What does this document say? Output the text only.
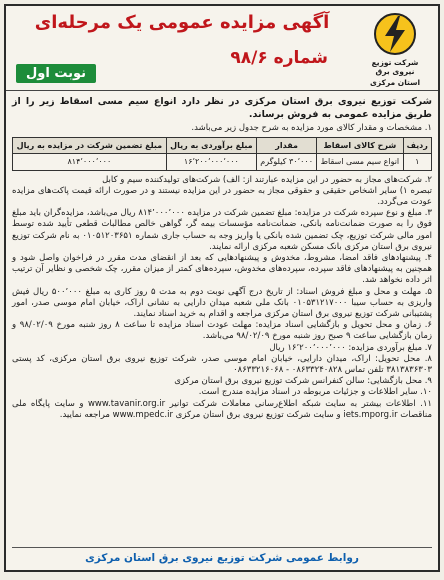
شرکت توزیع نیروی برق
استان مرکزی
آگهی مزایده عمومی یک مرحله‌ای
شماره ۹۸/۶
نوبت اول

شرکت توزیع نیروی برق استان مرکزی در نظر دارد انواع سیم مسی اسقاط زیر را از طریق مزایده عمومی به فروش برساند.

۱. مشخصات و مقدار کالای مورد مزایده به شرح جدول زیر می‌باشد.

ردیف	شرح کالای اسقاط	مقدار	مبلغ برآوردی به ریال	مبلغ تضمین شرکت در مزایده به ریال
۱	انواع سیم مسی اسقاط	۳۰٬۰۰۰ کیلوگرم	۱۶٬۲۰۰٬۰۰۰٬۰۰۰	۸۱۴٬۰۰۰٬۰۰۰

۲. شرکت‌های مجاز به حضور در این مزایده عبارتند از: الف) شرکت‌های تولیدکننده سیم و کابل

تبصره ۱) سایر اشخاص حقیقی و حقوقی مجاز به حضور در این مزایده نیستند و در صورت ارائه قیمت پاکت‌های مزایده عودت می‌گردد.

۳. مبلغ و نوع سپرده شرکت در مزایده: مبلغ تضمین شرکت در مزایده ۸۱۴٬۰۰۰٬۰۰۰ ریال می‌باشد، مزایده‌گران باید مبلغ فوق را به صورت ضمانت‌نامه بانکی، ضمانت‌نامه مؤسسات بیمه گر، گواهی خالص مطالبات قطعی تأیید شده توسط امور مالی شرکت توزیع، چک تضمین شده بانکی یا واریز وجه به حساب جاری شماره ۰۱۰۵۱۲۰۳۶۵۱ به نام شرکت توزیع نیروی برق استان مرکزی بانک مسکن شعبه مرکزی ارائه نمایند.

۴. پیشنهادهای فاقد امضا، مشروط، مخدوش و پیشنهادهایی که بعد از انقضای مدت مقرر در فراخوان واصل شود و همچنین به پیشنهادهای فاقد سپرده، سپرده‌های مخدوش، سپرده‌های کمتر از میزان مقرر، چک شخصی و نظایر آن ترتیب اثر داده نخواهد شد.

۵. مهلت و محل و مبلغ فروش اسناد: از تاریخ درج آگهی نوبت دوم به مدت ۵ روز کاری به مبلغ ۵۰۰٬۰۰۰ ریال فیش واریزی به حساب سیبا ۰۱۰۵۳۱۲۱۷۰۰۰ بانک ملی شعبه میدان دارایی به نشانی اراک، خیابان امام موسی صدر، امور پشتیبانی شرکت توزیع نیروی برق استان مرکزی مراجعه و اقدام به خرید اسناد نمایند.

۶. زمان و محل تحویل و بازگشایی اسناد مزایده: مهلت عودت اسناد مزایده تا ساعت ۸ روز شنبه مورخ ۹۸/۰۲/۰۹ و زمان بازگشایی ساعت ۹ صبح روز شنبه مورخ ۹۸/۰۲/۰۹ می‌باشد.

۷. مبلغ برآوردی مزایده: ۱۶٬۲۰۰٬۰۰۰٬۰۰۰ ریال

۸. محل تحویل: اراک، میدان دارایی، خیابان امام موسی صدر، شرکت توزیع نیروی برق استان مرکزی، کد پستی ۳۸۱۳۸۳۶۳۰۳ تلفن تماس ۰۸۶۳۳۲۴۰۸۲۸ - ۰۸۶۳۳۲۱۶۰۶۸

۹. محل بازگشایی: سالن کنفرانس شرکت توزیع نیروی برق استان مرکزی

۱۰. سایر اطلاعات و جزئیات مربوطه در اسناد مزایده مندرج است.

۱۱. اطلاعات بیشتر به سایت شبکه اطلاع‌رسانی معاملات شرکت توانیر www.tavanir.org.ir و سایت پایگاه ملی مناقصات iets.mporg.ir و سایت شرکت توزیع نیروی برق استان مرکزی www.mpedc.ir مراجعه نمایید.

روابط عمومی شرکت توزیع نیروی برق استان مرکزی
